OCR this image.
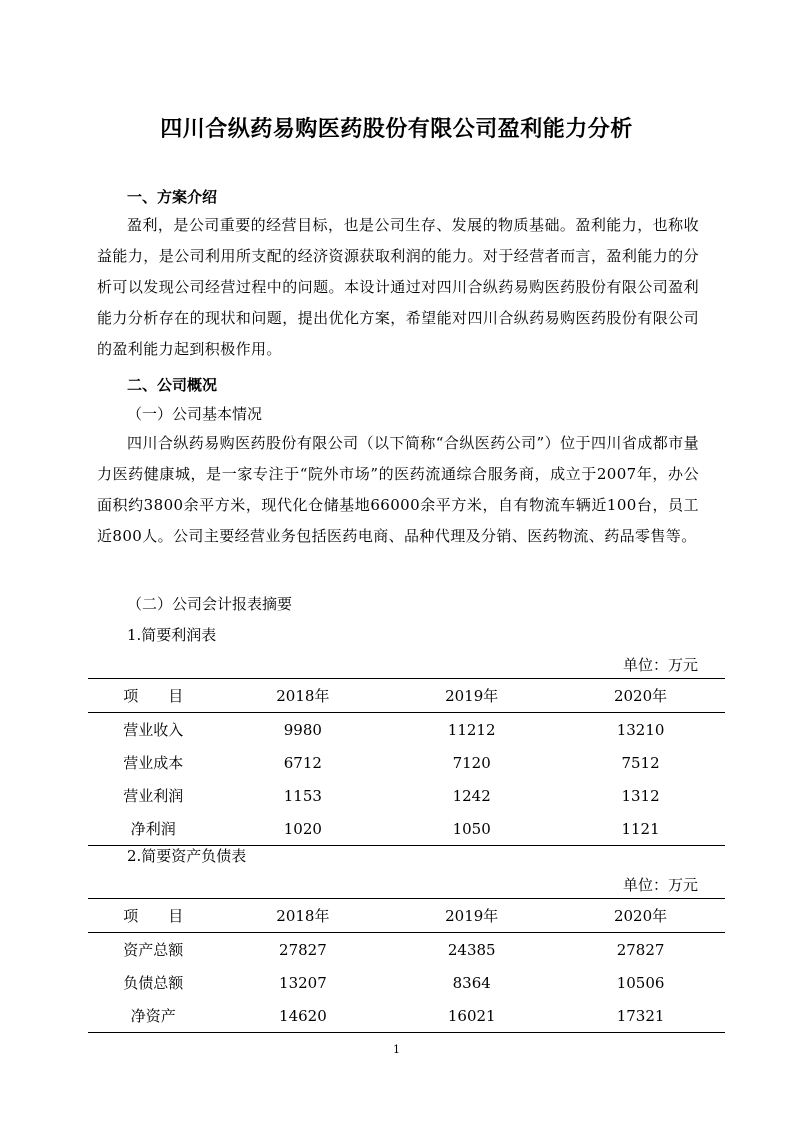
四川合纵药易购医药股份有限公司盈利能力分析

一、方案介绍

盈利，是公司重要的经营目标，也是公司生存、发展的物质基础。盈利能力，也称收益能力，是公司利用所支配的经济资源获取利润的能力。对于经营者而言，盈利能力的分析可以发现公司经营过程中的问题。本设计通过对四川合纵药易购医药股份有限公司盈利能力分析存在的现状和问题，提出优化方案，希望能对四川合纵药易购医药股份有限公司的盈利能力起到积极作用。

二、公司概况

（一）公司基本情况

四川合纵药易购医药股份有限公司（以下简称“合纵医药公司”）位于四川省成都市量力医药健康城，是一家专注于“院外市场”的医药流通综合服务商，成立于2007年，办公面积约3800余平方米，现代化仓储基地66000余平方米，自有物流车辆近100台，员工近800人。公司主要经营业务包括医药电商、品种代理及分销、医药物流、药品零售等。

（二）公司会计报表摘要

1.简要利润表

单位：万元

项　　目	2018年	2019年	2020年
营业收入	9980	11212	13210
营业成本	6712	7120	7512
营业利润	1153	1242	1312
净利润	1020	1050	1121

2.简要资产负债表

单位：万元

项　　目	2018年	2019年	2020年
资产总额	27827	24385	27827
负债总额	13207	8364	10506
净资产	14620	16021	17321

1
